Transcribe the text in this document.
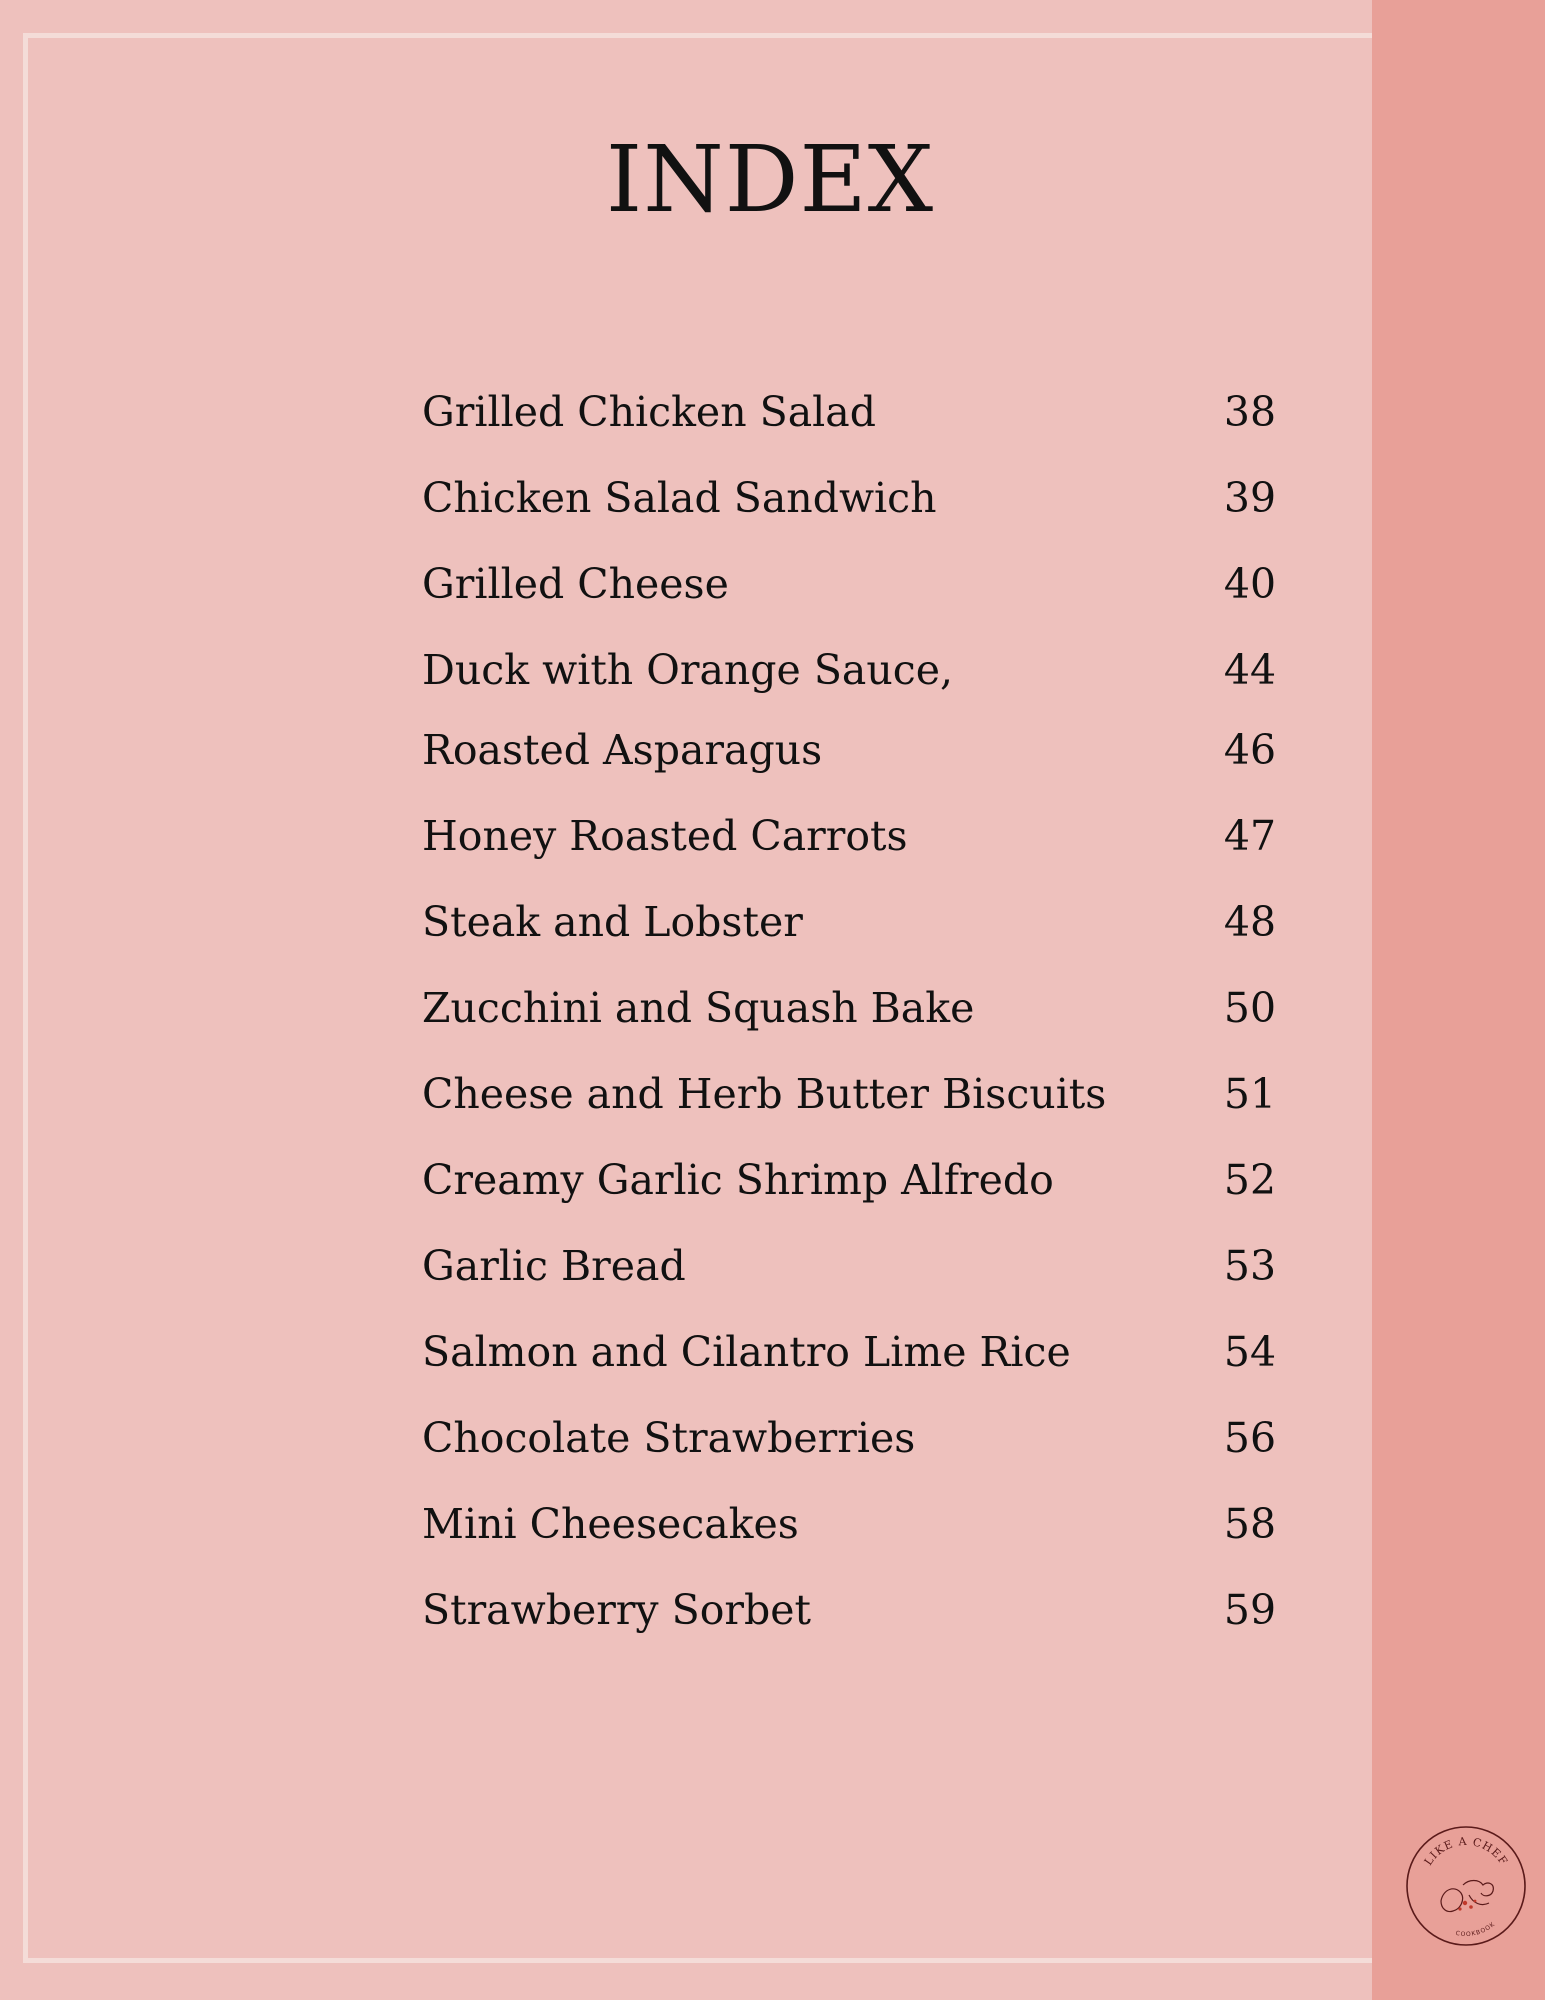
INDEX
Grilled Chicken Salad	38
Chicken Salad Sandwich	39
Grilled Cheese	40
Duck with Orange Sauce,	44
Roasted Asparagus	46
Honey Roasted Carrots	47
Steak and Lobster	48
Zucchini and Squash Bake	50
Cheese and Herb Butter Biscuits	51
Creamy Garlic Shrimp Alfredo	52
Garlic Bread	53
Salmon and Cilantro Lime Rice	54
Chocolate Strawberries	56
Mini Cheesecakes	58
Strawberry Sorbet	59
LIKE A CHEF
COOKBOOK
